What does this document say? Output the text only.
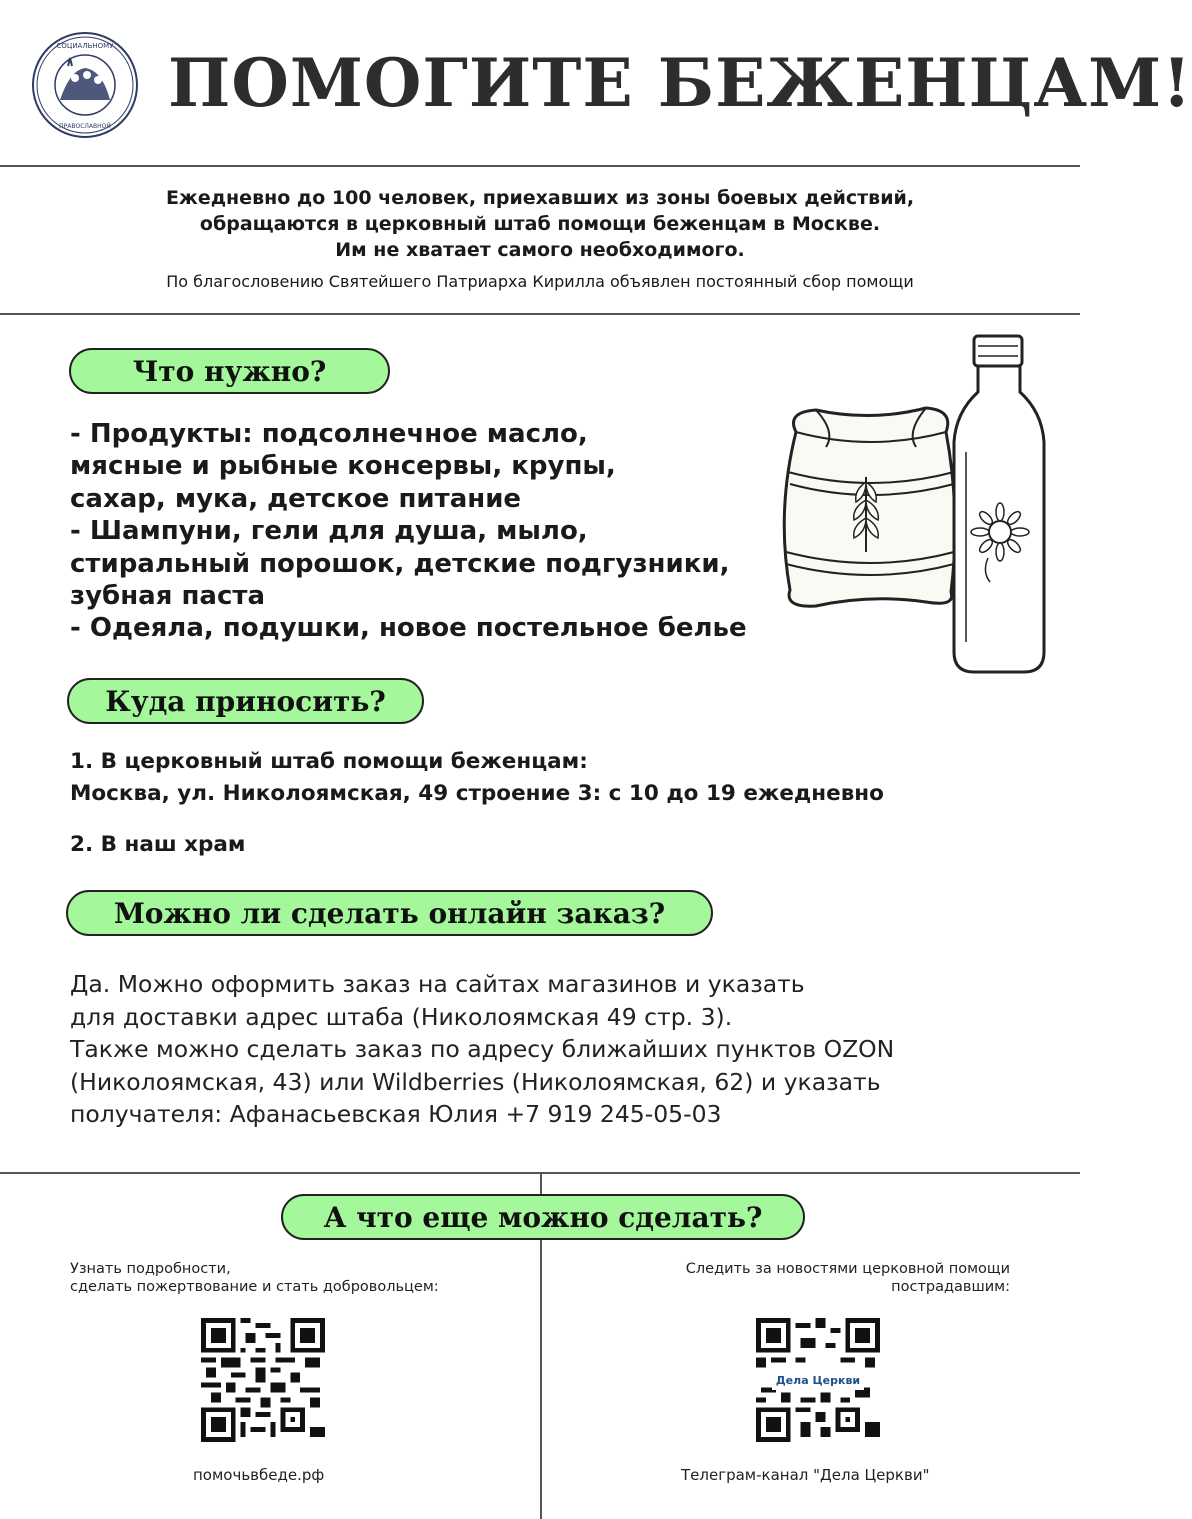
СОЦИАЛЬНОМУ
ПРАВОСЛАВНОЙ
ПОМОГИТЕ БЕЖЕНЦАМ!
Ежедневно до 100 человек, приехавших из зоны боевых действий,
обращаются в церковный штаб помощи беженцам в Москве.
Им не хватает самого необходимого.
По благословению Святейшего Патриарха Кирилла объявлен постоянный сбор помощи
Что нужно?
- Продукты: подсолнечное масло,
мясные и рыбные консервы, крупы,
сахар, мука, детское питание
- Шампуни, гели для душа, мыло,
стиральный порошок, детские подгузники,
зубная паста
- Одеяла, подушки, новое постельное белье
Куда приносить?
1. В церковный штаб помощи беженцам:
Москва, ул. Николоямская, 49 строение 3: с 10 до 19 ежедневно
2. В наш храм
Можно ли сделать онлайн заказ?
Да. Можно оформить заказ на сайтах магазинов и указать
для доставки адрес штаба (Николоямская 49 стр. 3).
Также можно сделать заказ по адресу ближайших пунктов OZON
(Николоямская, 43) или Wildberries (Николоямская, 62) и указать
получателя: Афанасьевская Юлия +7 919 245-05-03
А что еще можно сделать?
Узнать подробности,
сделать пожертвование и стать добровольцем:
помочьвбеде.рф
Следить за новостями церковной помощи
пострадавшим:
Дела Церкви
Телеграм-канал "Дела Церкви"
